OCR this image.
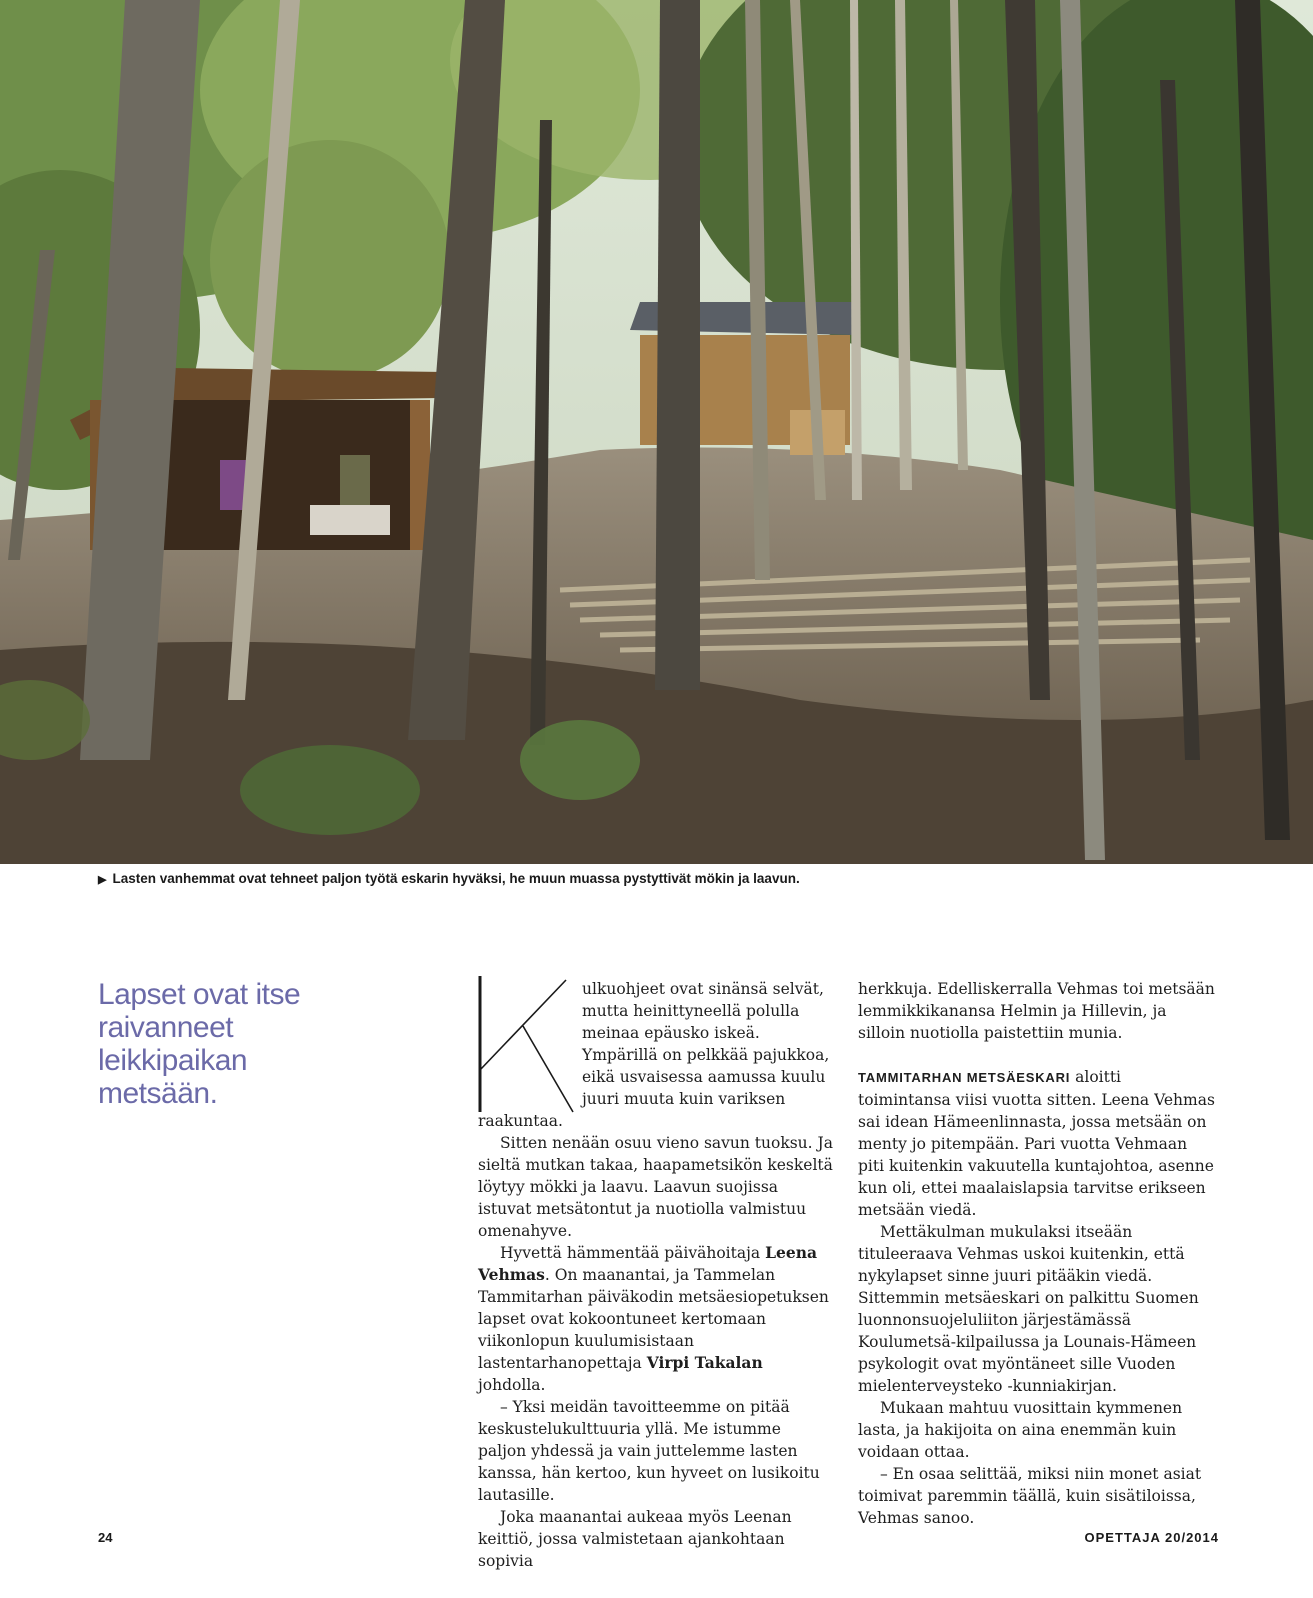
▶ Lasten vanhemmat ovat tehneet paljon työtä eskarin hyväksi, he muun muassa pystyttivät mökin ja laavun.
Lapset ovat itse raivanneet leikkipaikan metsään.

ulkuohjeet ovat sinänsä selvät, mutta heinittyneellä polulla meinaa epäusko iskeä. Ympärillä on pelkkää pajukkoa, eikä usvaisessa aamussa kuulu juuri muuta kuin variksen raakuntaa.

Sitten nenään osuu vieno savun tuoksu. Ja sieltä mutkan takaa, haapametsikön keskeltä löytyy mökki ja laavu. Laavun suojissa istuvat metsätontut ja nuotiolla valmistuu omenahyve.

Hyvettä hämmentää päivähoitaja Leena Vehmas. On maanantai, ja Tammelan Tammitarhan päiväkodin metsäesiopetuksen lapset ovat kokoontuneet kertomaan viikonlopun kuulumisistaan lastentarhanopettaja Virpi Takalan johdolla.

– Yksi meidän tavoitteemme on pitää keskustelukulttuuria yllä. Me istumme paljon yhdessä ja vain juttelemme lasten kanssa, hän kertoo, kun hyveet on lusikoitu lautasille.

Joka maanantai aukeaa myös Leenan keittiö, jossa valmistetaan ajankohtaan sopivia

herkkuja. Edelliskerralla Vehmas toi metsään lemmikkikanansa Helmin ja Hillevin, ja silloin nuotiolla paistettiin munia.

TAMMITARHAN METSÄESKARI aloitti toimintansa viisi vuotta sitten. Leena Vehmas sai idean Hämeenlinnasta, jossa metsään on menty jo pitempään. Pari vuotta Vehmaan piti kuitenkin vakuutella kuntajohtoa, asenne kun oli, ettei maalaislapsia tarvitse erikseen metsään viedä.

Mettäkulman mukulaksi itseään tituleeraava Vehmas uskoi kuitenkin, että nykylapset sinne juuri pitääkin viedä. Sittemmin metsäeskari on palkittu Suomen luonnonsuojeluliiton järjestämässä Koulumetsä-kilpailussa ja Lounais-Hämeen psykologit ovat myöntäneet sille Vuoden mielenterveysteko -kunniakirjan.

Mukaan mahtuu vuosittain kymmenen lasta, ja hakijoita on aina enemmän kuin voidaan ottaa.

– En osaa selittää, miksi niin monet asiat toimivat paremmin täällä, kuin sisätiloissa, Vehmas sanoo.

24	OPETTAJA 20/2014
